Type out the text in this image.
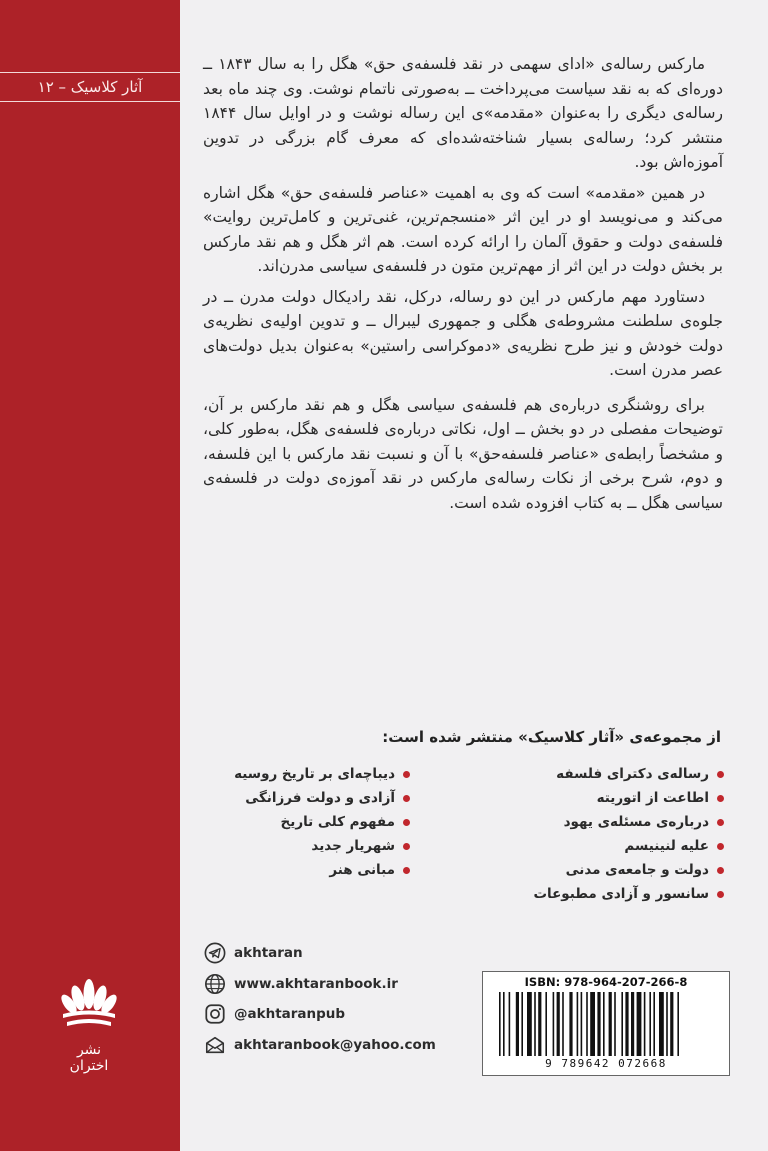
آثار کلاسیک – ۱۲

مارکس رساله‌ی «ادای سهمی در نقد فلسفه‌ی حق» هگل را به سال ۱۸۴۳ ــ دوره‌ای که به نقد سیاست می‌پرداخت ــ به‌صورتی ناتمام نوشت. وی چند ماه بعد رساله‌ی دیگری را به‌عنوان «مقدمه»ی این رساله نوشت و در اوایل سال ۱۸۴۴ منتشر کرد؛ رساله‌ی بسیار شناخته‌شده‌ای که معرف گام بزرگی در تدوین آموزه‌اش بود.

در همین «مقدمه» است که وی به اهمیت «عناصر فلسفه‌ی حق» هگل اشاره می‌کند و می‌نویسد او در این اثر «منسجم‌ترین، غنی‌ترین و کامل‌ترین روایت» فلسفه‌ی دولت و حقوق آلمان را ارائه کرده است. هم اثر هگل و هم نقد مارکس بر بخش دولت در این اثر از مهم‌ترین متون در فلسفه‌ی سیاسی مدرن‌اند.

دستاورد مهم مارکس در این دو رساله، درکل، نقد رادیکال دولت مدرن ــ در جلوه‌ی سلطنت مشروطه‌ی هگلی و جمهوری لیبرال ــ و تدوین اولیه‌ی نظریه‌ی دولت خودش و نیز طرح نظریه‌ی «دموکراسی راستین» به‌عنوان بدیل دولت‌های عصر مدرن است.

برای روشنگری درباره‌ی هم فلسفه‌ی سیاسی هگل و هم نقد مارکس بر آن، توضیحات مفصلی در دو بخش ــ اول، نکاتی درباره‌ی فلسفه‌ی هگل، به‌طور کلی، و مشخصاً رابطه‌ی «عناصر فلسفه‌حق» با آن و نسبت نقد مارکس با این فلسفه، و دوم، شرح برخی از نکات رساله‌ی مارکس در نقد آموزه‌ی دولت در فلسفه‌ی سیاسی هگل ــ به کتاب افزوده شده است.

از مجموعه‌ی «آثار کلاسیک» منتشر شده است:
رساله‌ی دکترای فلسفه
اطاعت از اتوریته
درباره‌ی مسئله‌ی یهود
علیه لنینیسم
دولت و جامعه‌ی مدنی
سانسور و آزادی مطبوعات
دیباچه‌ای بر تاریخ روسیه
آزادی و دولت فرزانگی
مفهوم کلی تاریخ
شهریار جدید
مبانی هنر
akhtaran
www.akhtaranbook.ir
@akhtaranpub
akhtaranbook@yahoo.com
نشر اختران
ISBN: 978-964-207-266-8
9 789642 072668
